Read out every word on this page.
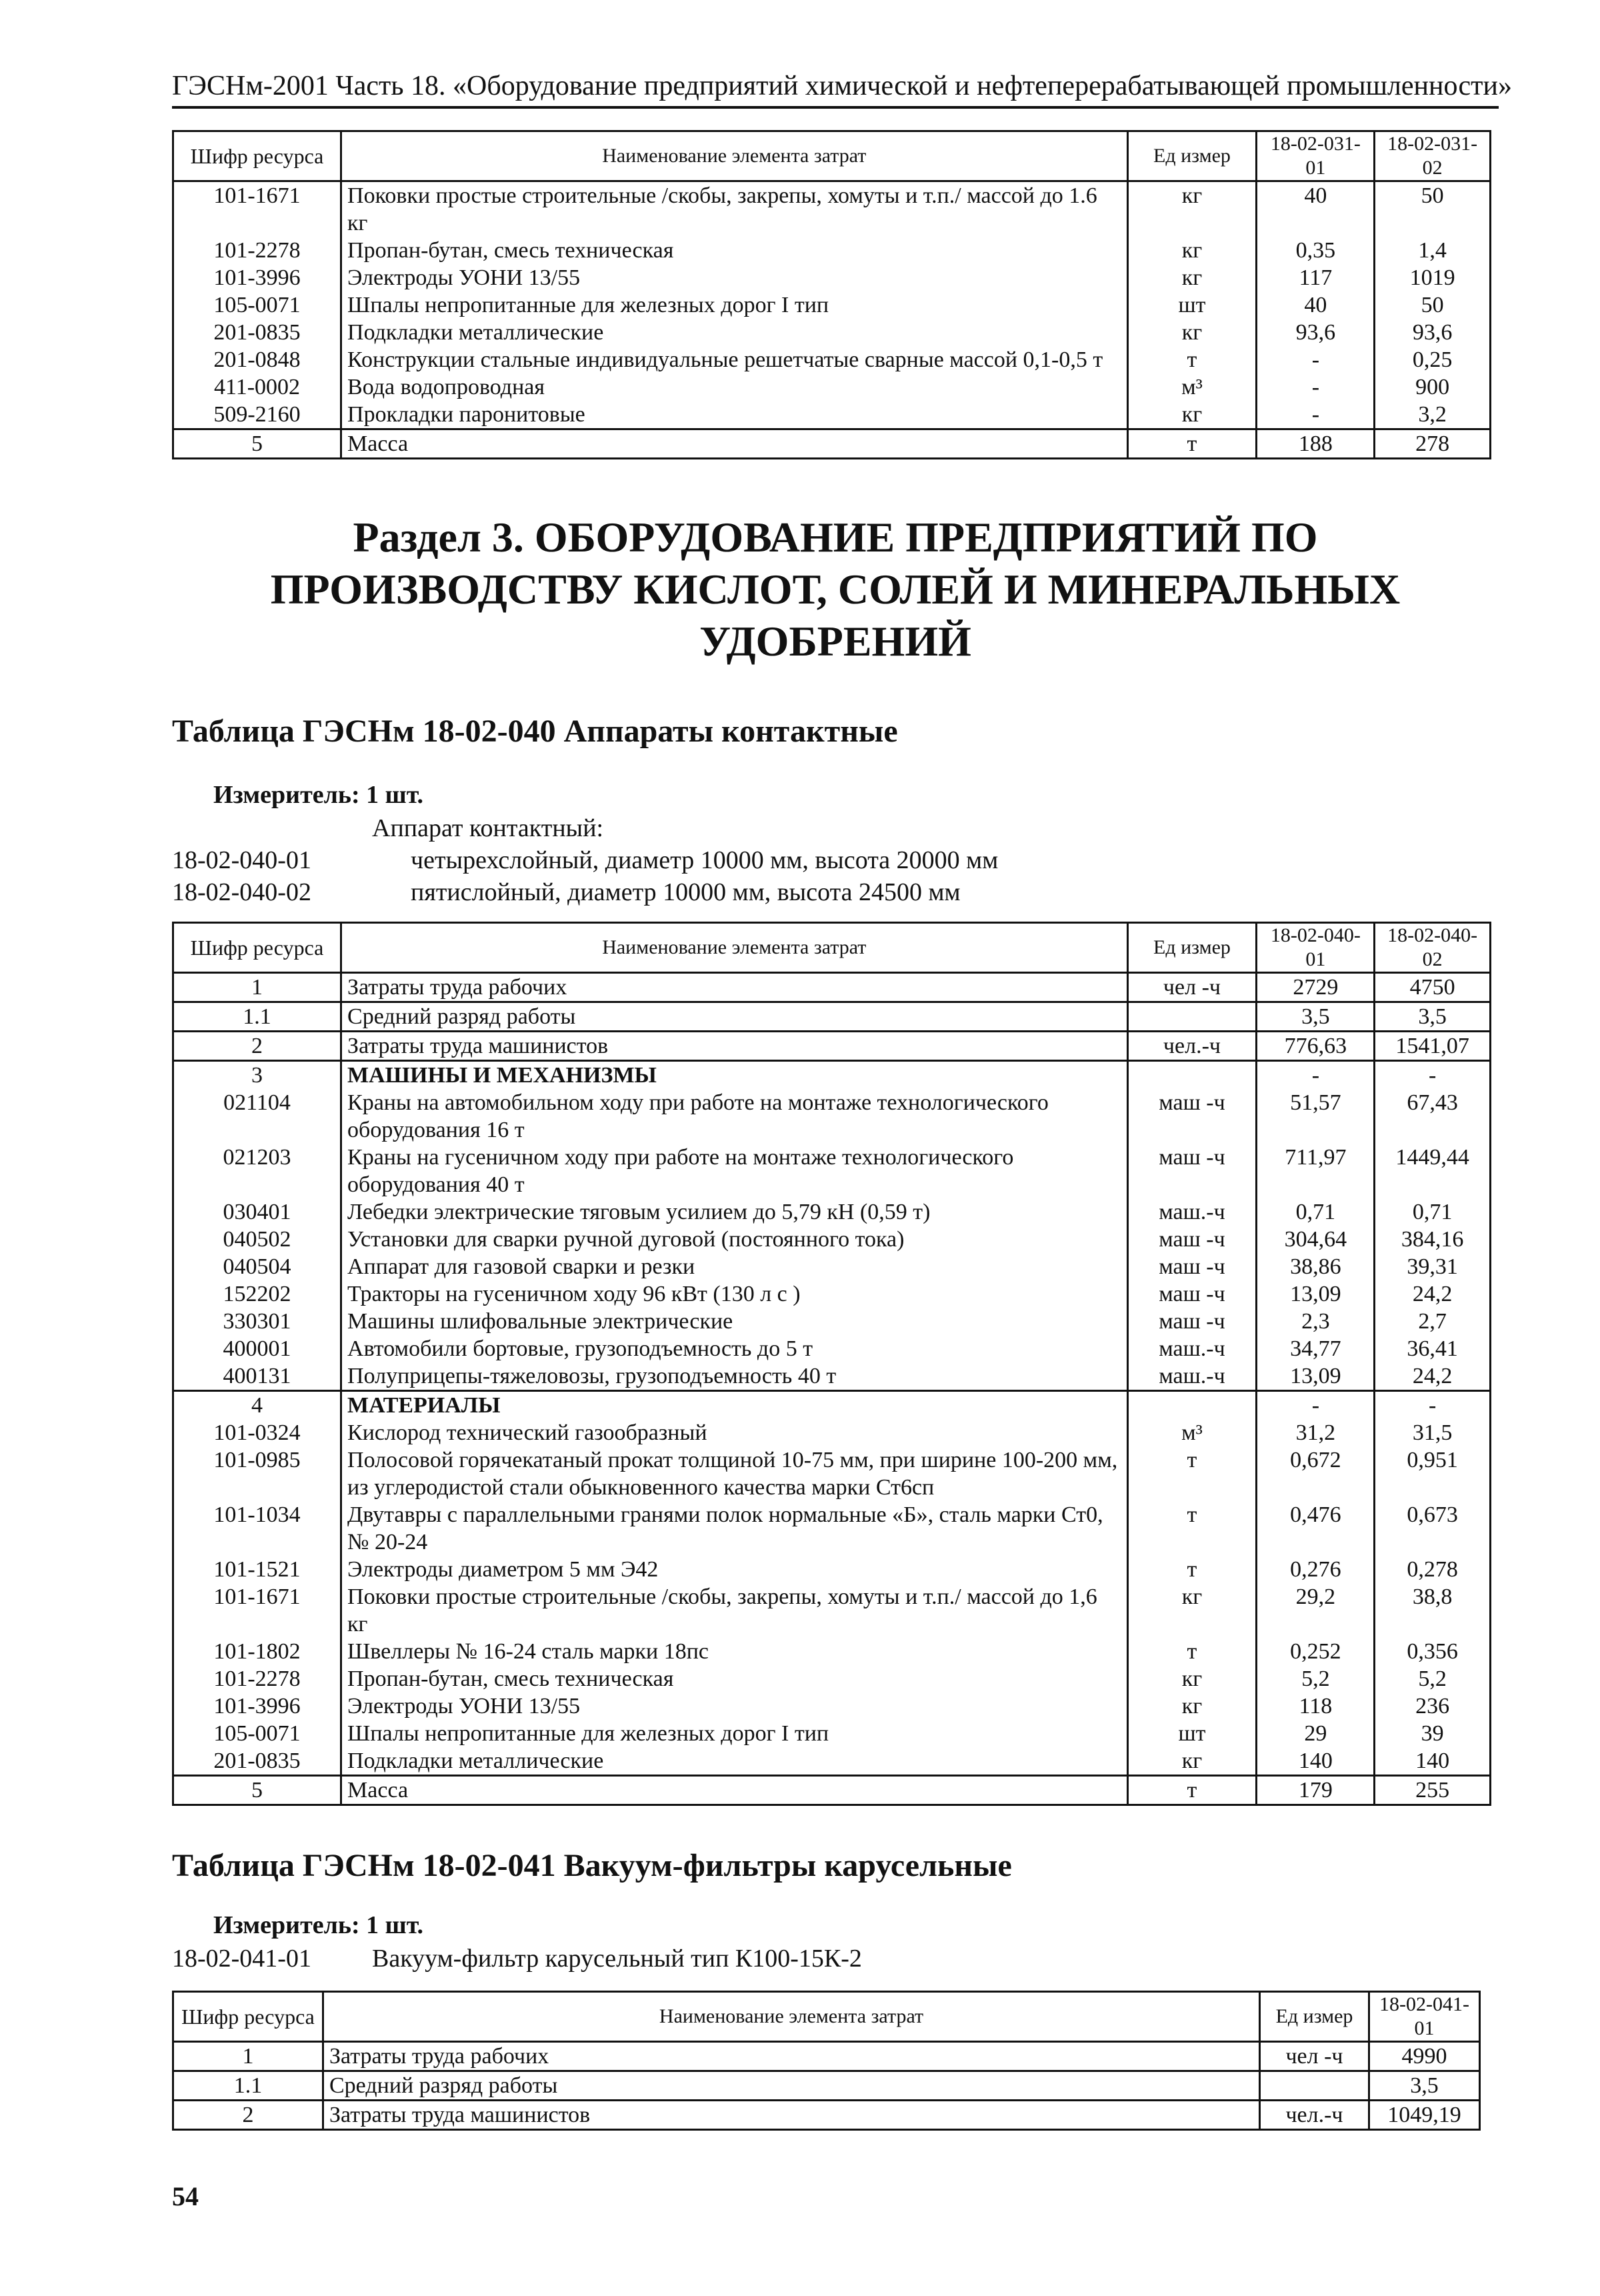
ГЭСНм-2001 Часть 18. «Оборудование предприятий химической и нефтеперерабатывающей промышленности»
Шифр ресурса	Наименование элемента затрат	Ед измер	18-02-031-01	18-02-031-02
101-1671	Поковки простые строительные /скобы, закрепы, хомуты и т.п./ массой до 1.6 кг	кг	40	50
101-2278	Пропан-бутан, смесь техническая	кг	0,35	1,4
101-3996	Электроды УОНИ 13/55	кг	117	1019
105-0071	Шпалы непропитанные для железных дорог I тип	шт	40	50
201-0835	Подкладки металлические	кг	93,6	93,6
201-0848	Конструкции стальные индивидуальные решетчатые сварные массой 0,1-0,5 т	т	-	0,25
411-0002	Вода водопроводная	м³	-	900
509-2160	Прокладки паронитовые	кг	-	3,2
5	Масса	т	188	278
Раздел 3. ОБОРУДОВАНИЕ ПРЕДПРИЯТИЙ ПО ПРОИЗВОДСТВУ КИСЛОТ, СОЛЕЙ И МИНЕРАЛЬНЫХ УДОБРЕНИЙ
Таблица ГЭСНм 18-02-040 Аппараты контактные
Измеритель: 1 шт.
Аппарат контактный:
18-02-040-01	четырехслойный, диаметр 10000 мм, высота 20000 мм
18-02-040-02	пятислойный, диаметр 10000 мм, высота 24500 мм
Шифр ресурса	Наименование элемента затрат	Ед измер	18-02-040-01	18-02-040-02
1	Затраты труда рабочих	чел -ч	2729	4750
1.1	Средний разряд работы		3,5	3,5
2	Затраты труда машинистов	чел.-ч	776,63	1541,07
3	МАШИНЫ И МЕХАНИЗМЫ		-	-
021104	Краны на автомобильном ходу при работе на монтаже технологического оборудования 16 т	маш -ч	51,57	67,43
021203	Краны на гусеничном ходу при работе на монтаже технологического оборудования 40 т	маш -ч	711,97	1449,44
030401	Лебедки электрические тяговым усилием до 5,79 кН (0,59 т)	маш.-ч	0,71	0,71
040502	Установки для сварки ручной дуговой (постоянного тока)	маш -ч	304,64	384,16
040504	Аппарат для газовой сварки и резки	маш -ч	38,86	39,31
152202	Тракторы на гусеничном ходу 96 кВт (130 л с )	маш -ч	13,09	24,2
330301	Машины шлифовальные электрические	маш -ч	2,3	2,7
400001	Автомобили бортовые, грузоподъемность до 5 т	маш.-ч	34,77	36,41
400131	Полуприцепы-тяжеловозы, грузоподъемность 40 т	маш.-ч	13,09	24,2
4	МАТЕРИАЛЫ		-	-
101-0324	Кислород технический газообразный	м³	31,2	31,5
101-0985	Полосовой горячекатаный прокат толщиной 10-75 мм, при ширине 100-200 мм, из углеродистой стали обыкновенного качества марки Ст6сп	т	0,672	0,951
101-1034	Двутавры с параллельными гранями полок нормальные «Б», сталь марки Ст0, № 20-24	т	0,476	0,673
101-1521	Электроды диаметром 5 мм Э42	т	0,276	0,278
101-1671	Поковки простые строительные /скобы, закрепы, хомуты и т.п./ массой до 1,6 кг	кг	29,2	38,8
101-1802	Швеллеры № 16-24 сталь марки 18пс	т	0,252	0,356
101-2278	Пропан-бутан, смесь техническая	кг	5,2	5,2
101-3996	Электроды УОНИ 13/55	кг	118	236
105-0071	Шпалы непропитанные для железных дорог I тип	шт	29	39
201-0835	Подкладки металлические	кг	140	140
5	Масса	т	179	255
Таблица ГЭСНм 18-02-041 Вакуум-фильтры карусельные
Измеритель: 1 шт.
18-02-041-01 Вакуум-фильтр карусельный тип К100-15К-2
Шифр ресурса	Наименование элемента затрат	Ед измер	18-02-041-01
1	Затраты труда рабочих	чел -ч	4990
1.1	Средний разряд работы		3,5
2	Затраты труда машинистов	чел.-ч	1049,19
54
